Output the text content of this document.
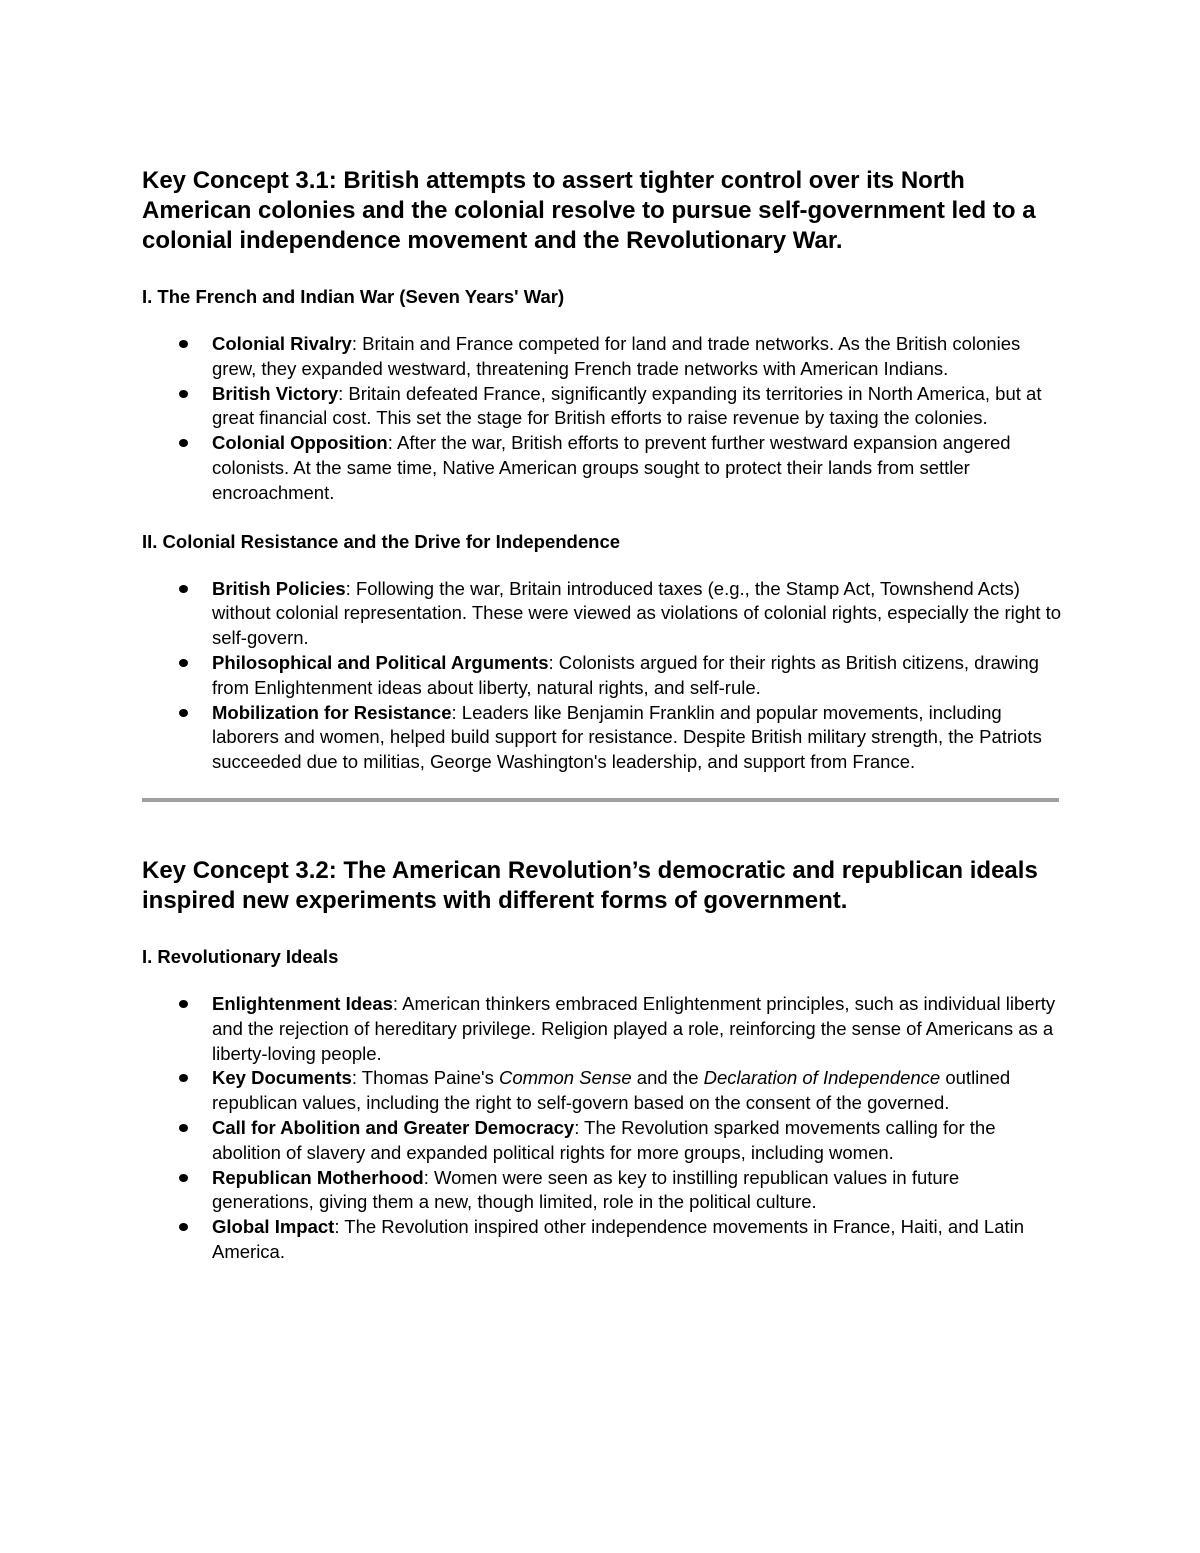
Key Concept 3.1: British attempts to assert tighter control over its North American colonies and the colonial resolve to pursue self-government led to a colonial independence movement and the Revolutionary War.
I. The French and Indian War (Seven Years' War)
Colonial Rivalry: Britain and France competed for land and trade networks. As the British colonies grew, they expanded westward, threatening French trade networks with American Indians.
British Victory: Britain defeated France, significantly expanding its territories in North America, but at great financial cost. This set the stage for British efforts to raise revenue by taxing the colonies.
Colonial Opposition: After the war, British efforts to prevent further westward expansion angered colonists. At the same time, Native American groups sought to protect their lands from settler encroachment.
II. Colonial Resistance and the Drive for Independence
British Policies: Following the war, Britain introduced taxes (e.g., the Stamp Act, Townshend Acts) without colonial representation. These were viewed as violations of colonial rights, especially the right to self-govern.
Philosophical and Political Arguments: Colonists argued for their rights as British citizens, drawing from Enlightenment ideas about liberty, natural rights, and self-rule.
Mobilization for Resistance: Leaders like Benjamin Franklin and popular movements, including laborers and women, helped build support for resistance. Despite British military strength, the Patriots succeeded due to militias, George Washington's leadership, and support from France.
Key Concept 3.2: The American Revolution’s democratic and republican ideals inspired new experiments with different forms of government.
I. Revolutionary Ideals
Enlightenment Ideas: American thinkers embraced Enlightenment principles, such as individual liberty and the rejection of hereditary privilege. Religion played a role, reinforcing the sense of Americans as a liberty-loving people.
Key Documents: Thomas Paine's Common Sense and the Declaration of Independence outlined republican values, including the right to self-govern based on the consent of the governed.
Call for Abolition and Greater Democracy: The Revolution sparked movements calling for the abolition of slavery and expanded political rights for more groups, including women.
Republican Motherhood: Women were seen as key to instilling republican values in future generations, giving them a new, though limited, role in the political culture.
Global Impact: The Revolution inspired other independence movements in France, Haiti, and Latin America.
